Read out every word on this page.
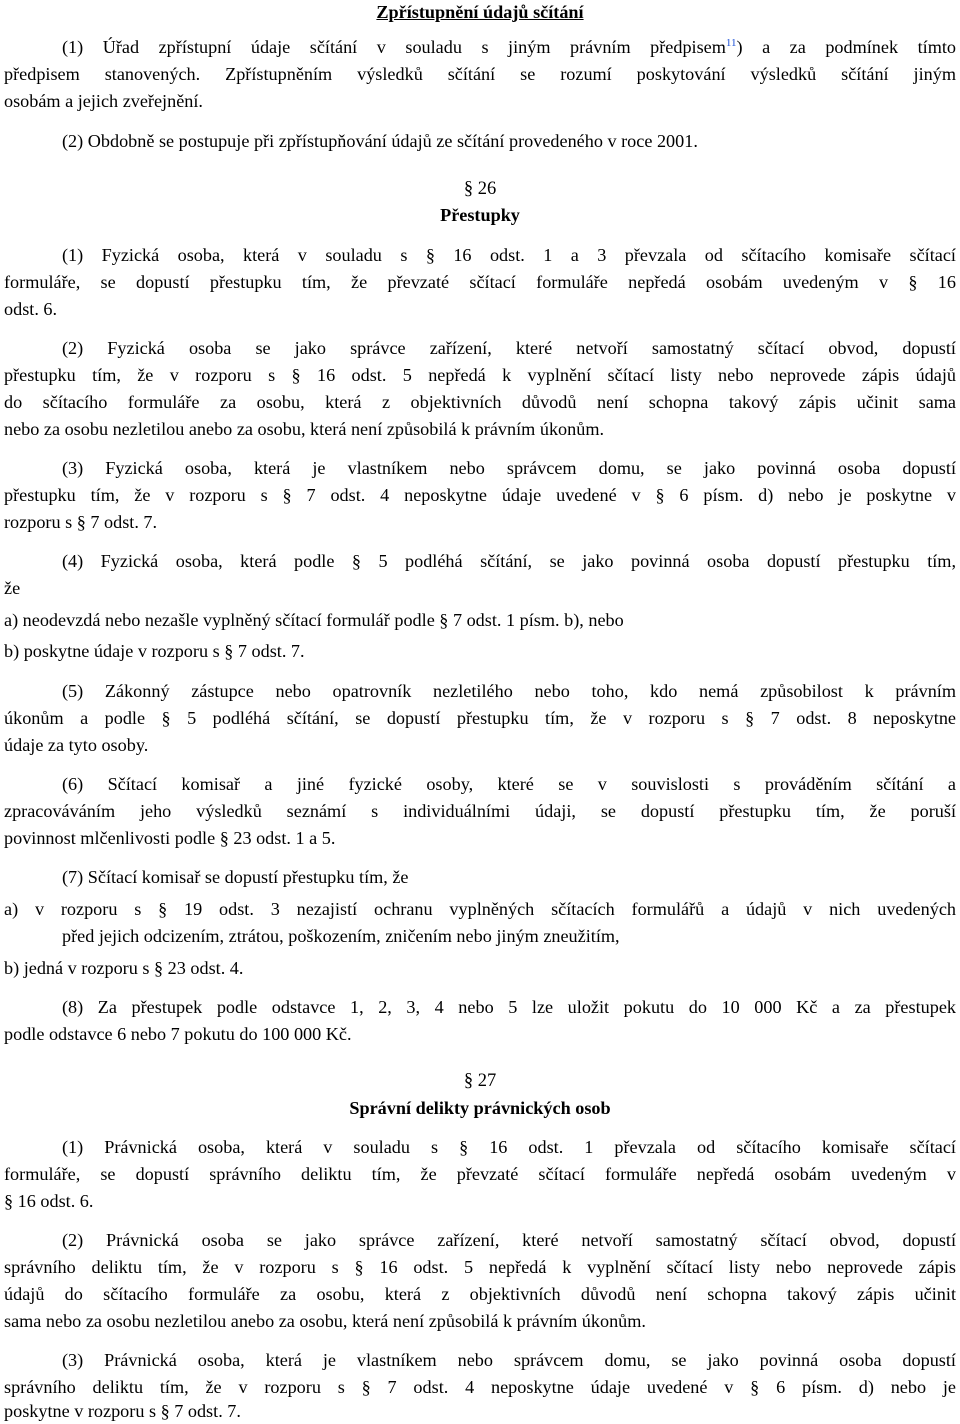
Zpřístupnění údajů sčítání
(1) Úřad zpřístupní údaje sčítání v souladu s jiným právním předpisem$^{11}$) a za podmínek tímto
předpisem stanovených. Zpřístupněním výsledků sčítání se rozumí poskytování výsledků sčítání jiným
osobám a jejich zveřejnění.
(2) Obdobně se postupuje při zpřístupňování údajů ze sčítání provedeného v roce 2001.
§ 26
Přestupky
(1) Fyzická osoba, která v souladu s § 16 odst. 1 a 3 převzala od sčítacího komisaře sčítací
formuláře, se dopustí přestupku tím, že převzaté sčítací formuláře nepředá osobám uvedeným v § 16
odst. 6.
(2) Fyzická osoba se jako správce zařízení, které netvoří samostatný sčítací obvod, dopustí
přestupku tím, že v rozporu s § 16 odst. 5 nepředá k vyplnění sčítací listy nebo neprovede zápis údajů
do sčítacího formuláře za osobu, která z objektivních důvodů není schopna takový zápis učinit sama
nebo za osobu nezletilou anebo za osobu, která není způsobilá k právním úkonům.
(3) Fyzická osoba, která je vlastníkem nebo správcem domu, se jako povinná osoba dopustí
přestupku tím, že v rozporu s § 7 odst. 4 neposkytne údaje uvedené v § 6 písm. d) nebo je poskytne v
rozporu s § 7 odst. 7.
(4) Fyzická osoba, která podle § 5 podléhá sčítání, se jako povinná osoba dopustí přestupku tím,
že
a) neodevzdá nebo nezašle vyplněný sčítací formulář podle § 7 odst. 1 písm. b), nebo
b) poskytne údaje v rozporu s § 7 odst. 7.
(5) Zákonný zástupce nebo opatrovník nezletilého nebo toho, kdo nemá způsobilost k právním
úkonům a podle § 5 podléhá sčítání, se dopustí přestupku tím, že v rozporu s § 7 odst. 8 neposkytne
údaje za tyto osoby.
(6) Sčítací komisař a jiné fyzické osoby, které se v souvislosti s prováděním sčítání a
zpracováváním jeho výsledků seznámí s individuálními údaji, se dopustí přestupku tím, že poruší
povinnost mlčenlivosti podle § 23 odst. 1 a 5.
(7) Sčítací komisař se dopustí přestupku tím, že
a) v rozporu s § 19 odst. 3 nezajistí ochranu vyplněných sčítacích formulářů a údajů v nich uvedených
před jejich odcizením, ztrátou, poškozením, zničením nebo jiným zneužitím,
b) jedná v rozporu s § 23 odst. 4.
(8) Za přestupek podle odstavce 1, 2, 3, 4 nebo 5 lze uložit pokutu do 10 000 Kč a za přestupek
podle odstavce 6 nebo 7 pokutu do 100 000 Kč.
§ 27
Správní delikty právnických osob
(1) Právnická osoba, která v souladu s § 16 odst. 1 převzala od sčítacího komisaře sčítací
formuláře, se dopustí správního deliktu tím, že převzaté sčítací formuláře nepředá osobám uvedeným v
§ 16 odst. 6.
(2) Právnická osoba se jako správce zařízení, které netvoří samostatný sčítací obvod, dopustí
správního deliktu tím, že v rozporu s § 16 odst. 5 nepředá k vyplnění sčítací listy nebo neprovede zápis
údajů do sčítacího formuláře za osobu, která z objektivních důvodů není schopna takový zápis učinit
sama nebo za osobu nezletilou anebo za osobu, která není způsobilá k právním úkonům.
(3) Právnická osoba, která je vlastníkem nebo správcem domu, se jako povinná osoba dopustí
správního deliktu tím, že v rozporu s § 7 odst. 4 neposkytne údaje uvedené v § 6 písm. d) nebo je
poskytne v rozporu s § 7 odst. 7.
